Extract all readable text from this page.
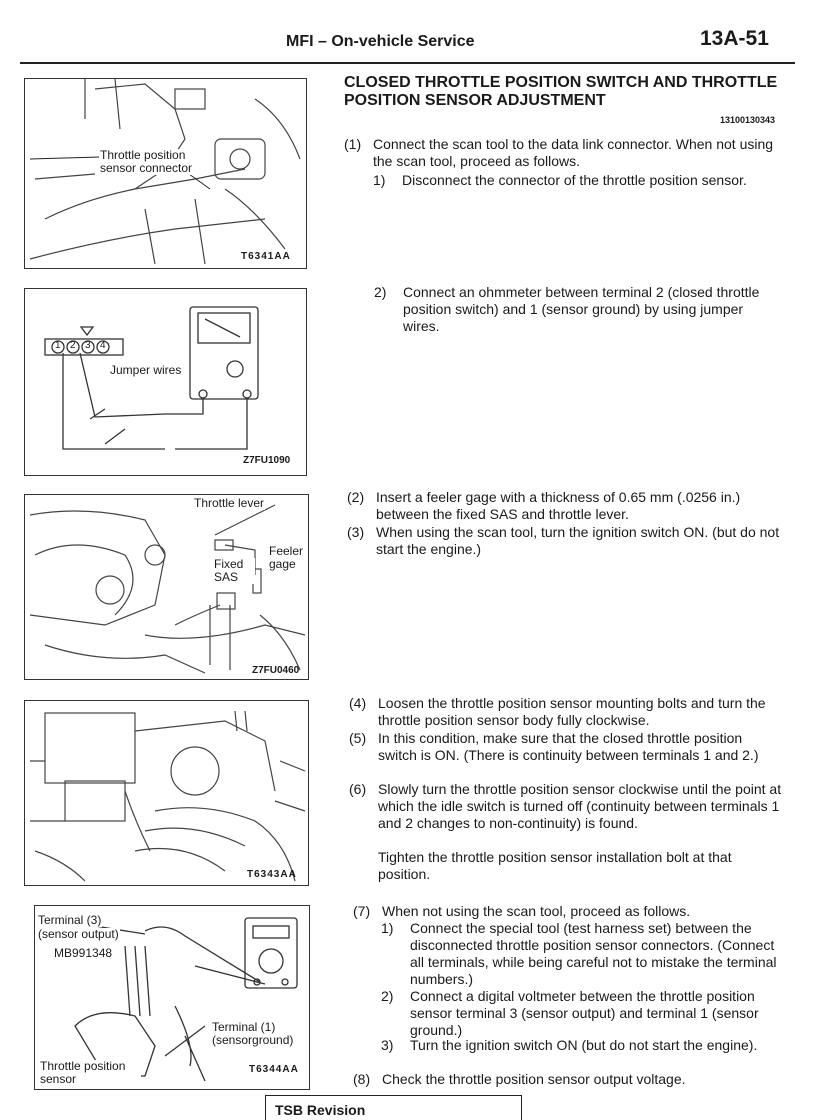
MFI – On-vehicle Service	13A-51
CLOSED THROTTLE POSITION SWITCH AND THROTTLE POSITION SENSOR ADJUSTMENT
13100130343
Throttle position sensor connector
T6341AA
Jumper wires
1 2 3 4
Z7FU1090
Throttle lever
Feeler gage
Fixed SAS
Z7FU0460
T6343AA
Terminal (3)
(sensor output)
MB991348
Terminal (1)
(sensorground)
Throttle position sensor
T6344AA
(1) Connect the scan tool to the data link connector. When not using the scan tool, proceed as follows.
1) Disconnect the connector of the throttle position sensor.
2) Connect an ohmmeter between terminal 2 (closed throttle position switch) and 1 (sensor ground) by using jumper wires.
(2) Insert a feeler gage with a thickness of 0.65 mm (.0256 in.) between the fixed SAS and throttle lever.
(3) When using the scan tool, turn the ignition switch ON. (but do not start the engine.)
(4) Loosen the throttle position sensor mounting bolts and turn the throttle position sensor body fully clockwise.
(5) In this condition, make sure that the closed throttle position switch is ON. (There is continuity between terminals 1 and 2.)
(6) Slowly turn the throttle position sensor clockwise until the point at which the idle switch is turned off (continuity between terminals 1 and 2 changes to non-continuity) is found.
Tighten the throttle position sensor installation bolt at that position.
(7) When not using the scan tool, proceed as follows.
1) Connect the special tool (test harness set) between the disconnected throttle position sensor connectors. (Connect all terminals, while being careful not to mistake the terminal numbers.)
2) Connect a digital voltmeter between the throttle position sensor terminal 3 (sensor output) and terminal 1 (sensor ground.)
3) Turn the ignition switch ON (but do not start the engine).
(8) Check the throttle position sensor output voltage.
TSB Revision
